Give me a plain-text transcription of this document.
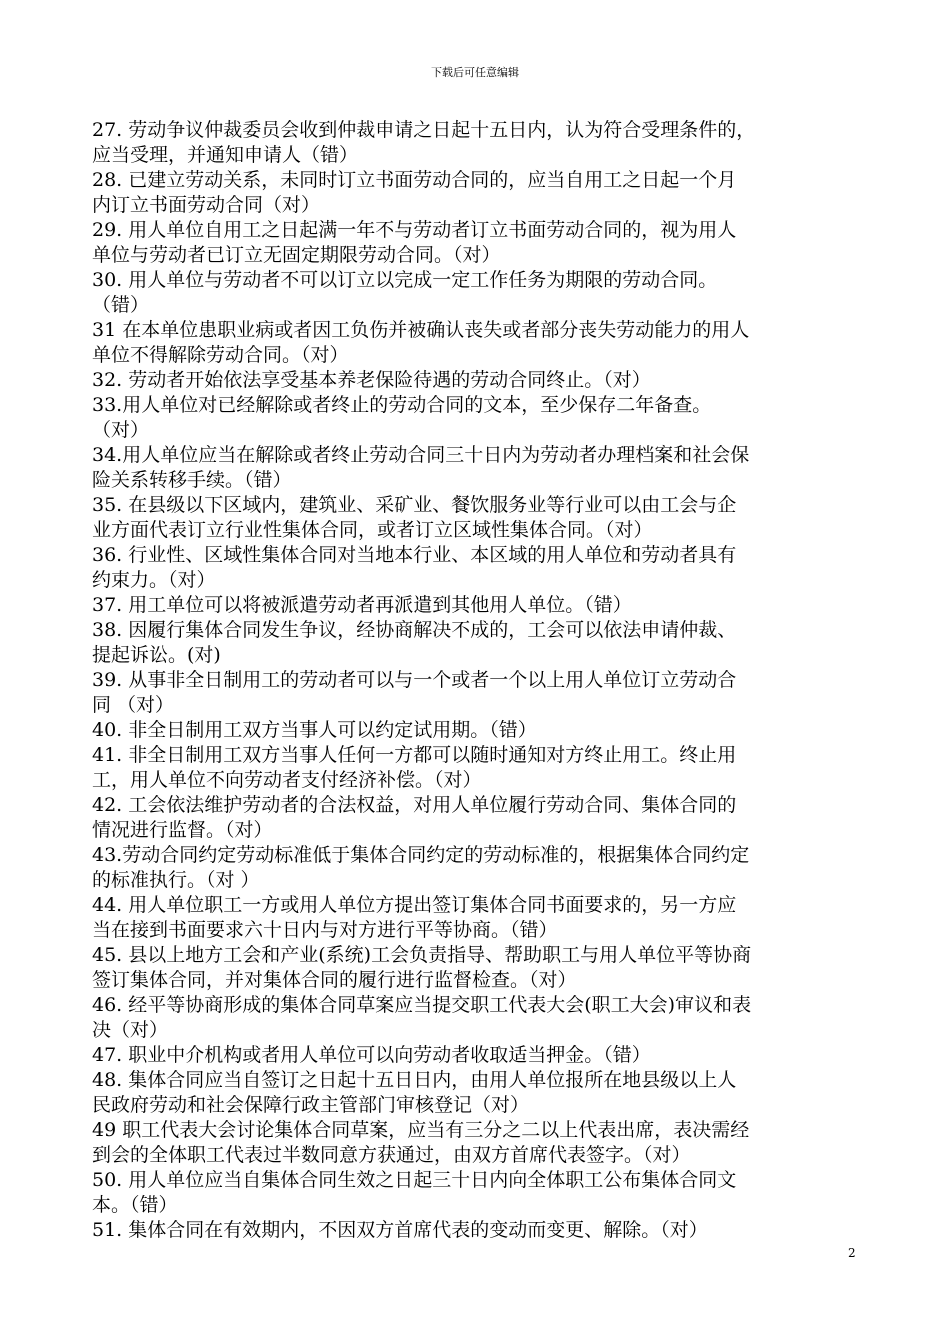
下载后可任意编辑
27. 劳动争议仲裁委员会收到仲裁申请之日起十五日内，认为符合受理条件的，
应当受理，并通知申请人（错）
28. 已建立劳动关系，未同时订立书面劳动合同的，应当自用工之日起一个月
内订立书面劳动合同（对）
29. 用人单位自用工之日起满一年不与劳动者订立书面劳动合同的，视为用人
单位与劳动者已订立无固定期限劳动合同。（对）
30. 用人单位与劳动者不可以订立以完成一定工作任务为期限的劳动合同。
（错）
31 在本单位患职业病或者因工负伤并被确认丧失或者部分丧失劳动能力的用人
单位不得解除劳动合同。（对）
32. 劳动者开始依法享受基本养老保险待遇的劳动合同终止。（对）
33.用人单位对已经解除或者终止的劳动合同的文本，至少保存二年备查。
（对）
34.用人单位应当在解除或者终止劳动合同三十日内为劳动者办理档案和社会保
险关系转移手续。（错）
35. 在县级以下区域内，建筑业、采矿业、餐饮服务业等行业可以由工会与企
业方面代表订立行业性集体合同，或者订立区域性集体合同。（对）
36. 行业性、区域性集体合同对当地本行业、本区域的用人单位和劳动者具有
约束力。（对）
37. 用工单位可以将被派遣劳动者再派遣到其他用人单位。（错）
38. 因履行集体合同发生争议，经协商解决不成的，工会可以依法申请仲裁、
提起诉讼。(对)
39. 从事非全日制用工的劳动者可以与一个或者一个以上用人单位订立劳动合
同 （对）
40. 非全日制用工双方当事人可以约定试用期。（错）
41. 非全日制用工双方当事人任何一方都可以随时通知对方终止用工。终止用
工，用人单位不向劳动者支付经济补偿。（对）
42. 工会依法维护劳动者的合法权益，对用人单位履行劳动合同、集体合同的
情况进行监督。（对）
43.劳动合同约定劳动标准低于集体合同约定的劳动标准的，根据集体合同约定
的标准执行。（对 ）
44. 用人单位职工一方或用人单位方提出签订集体合同书面要求的，另一方应
当在接到书面要求六十日内与对方进行平等协商。（错）
45. 县以上地方工会和产业(系统)工会负责指导、帮助职工与用人单位平等协商
签订集体合同，并对集体合同的履行进行监督检查。（对）
46. 经平等协商形成的集体合同草案应当提交职工代表大会(职工大会)审议和表
决（对）
47. 职业中介机构或者用人单位可以向劳动者收取适当押金。（错）
48. 集体合同应当自签订之日起十五日日内，由用人单位报所在地县级以上人
民政府劳动和社会保障行政主管部门审核登记（对）
49 职工代表大会讨论集体合同草案，应当有三分之二以上代表出席，表决需经
到会的全体职工代表过半数同意方获通过，由双方首席代表签字。（对）
50. 用人单位应当自集体合同生效之日起三十日内向全体职工公布集体合同文
本。（错）
51. 集体合同在有效期内，不因双方首席代表的变动而变更、解除。（对）
2
